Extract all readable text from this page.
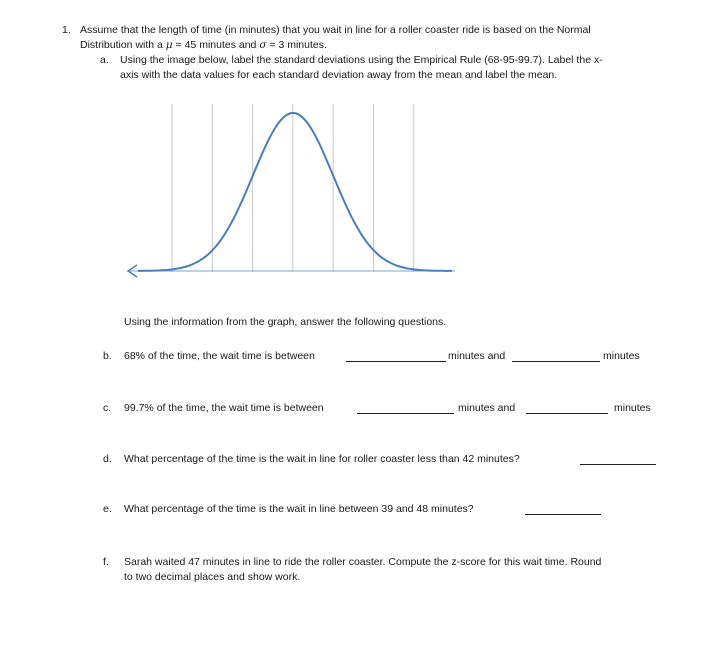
1. Assume that the length of time (in minutes) that you wait in line for a roller coaster ride is based on the Normal
Distribution with a μ = 45 minutes and σ = 3 minutes.
a. Using the image below, label the standard deviations using the Empirical Rule (68-95-99.7). Label the x-
axis with the data values for each standard deviation away from the mean and label the mean.
Using the information from the graph, answer the following questions.
b. 68% of the time, the wait time is between	minutes and	minutes
c. 99.7% of the time, the wait time is between	minutes and	minutes
d. What percentage of the time is the wait in line for roller coaster less than 42 minutes?
e. What percentage of the time is the wait in line between 39 and 48 minutes?
f. Sarah waited 47 minutes in line to ride the roller coaster. Compute the z-score for this wait time. Round
to two decimal places and show work.
